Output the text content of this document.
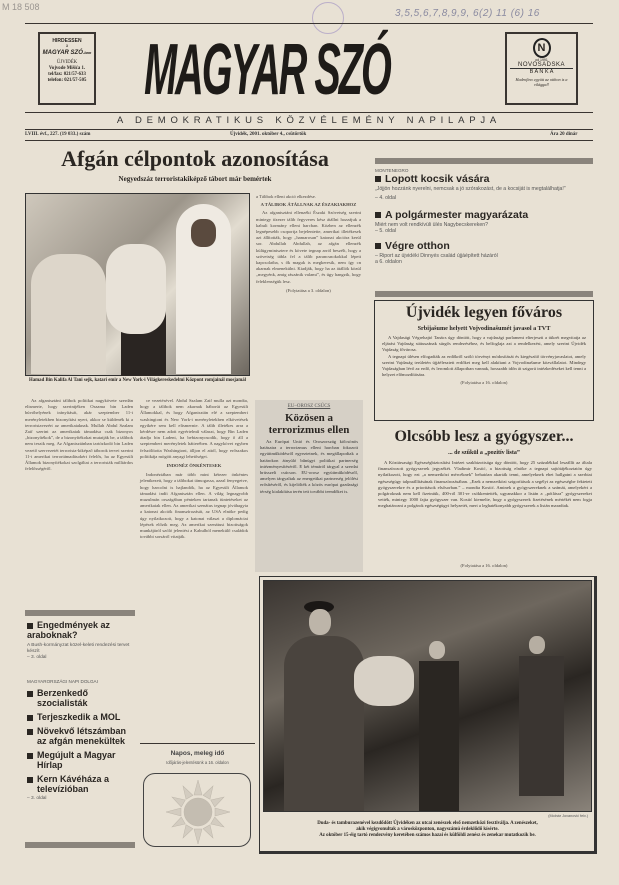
M 18 508
3,5,5,6,7,8,9,9, 6(2) 11 (6) 16
HIRDESSEN
a
MAGYAR SZÓ-ban
ÚJVIDÉK
Vojvode Mišića 1.
tel/fax: 021/57-633
telefon: 021/57-505 MAGYAR SZÓ	N
od 1991
NOVOSADSKA
B A N K A
Hadrofino együtt az otthon is a világgal!
A DEMOKRATIKUS KÖZVÉLEMÉNY NAPILAPJA
LVIII. évf., 227. (19 033.) szám	Újvidék, 2001. október 4., csütörtök	Ára 20 dinár
Afgán célpontok azonosítása
Negyedszáz terroristakiképző tábort már bemértek
Hamad Bin Kalifa Al Tani sejk, katari emir a New York-i Világkereskedelmi Központ romjainál mosjamál
a Tálibok elleni akció elkezdése.
A TÁLIBOK ÁTÁLLNAK AZ ÉSZAKIAKHOZ
Az afganisztáni ellenzéki Északi Szövetség szerint mintegy tízezer tálib fegyveres kész átállni hozzájuk a kabuli kormány elleni harcban. Közben az ellenzék legnépesebb csoportja bejelentette, amerikai illetékesek azt állították, hogy „hamarosan” katonai akcióra kerül sor. Abdullah Abdullah, az afgán ellenzék külügyminisztere és követe tegnap arról beszélt, hogy a szövetség tábla fel a tálib parancsnokokkal lépett kapcsolatba, s ők maguk is megkeresik, nem így cn akarnak elmenekülni. Kiadják, hogy ha az átállók közül „megyénk, amig rászánik valami”, és úgy hangzik, hogy feleklenségük lesz.
(Folytatása a 3. oldalon)
Az afganisztáni tálibok politikai nagykövete szerdán elismerte, hogy szerintjéken Oszama bin Laden búvóhelyének irányítását, akár szeptember 11-i merényletekben bizonyítást nyert, akkor se küldenék ki a terroristavezért az amerikaiaknak. Mullah Abdul Szalam Zaif szerint az amerikaiak támadása csak bizonyos „bizonyítékok”, de a bizonyítékokat mutatják be, a tálibok nem teszik meg. Az Afganisztánban tartózkodó bin Laden vezető szervezetét terrorista-kiképző táborok tervei szerint 11-i amerikai terrortámadásokért felelős, ha az Egyesült Államok bizonyítékokat szolgáltat a terroristák milliárdos felelősségéről.
ce vezetésével. Abdul Szalam Zaif mulla azt mondta, hogy a tálibok nem akarnak háborút az Egyesült Államokkal, és hogy Afganisztán elé a szeptemberi washingtoni és New York-i merényletekben elkövetések egyikére sem kell elismernie. A tálib illetékes arra a kérdésre nem adott egyértelmű választ, hogy Bin Laden átadja bin Ladent, ha bebizonyosodik, hogy ő áll a szeptemberi merényletek hátterében. A nagykövet egyben felszólította Washingtont, álljon el attól, hogy erőszakos politikája mögött anyagi lehetőséget.
INDONÉZ ÖNKÉNTESEK
Indonéziában már több mint kétezer önkéntes jelentkezett, hogy a tálibokat támogassa, azzal fenyegetve, hogy harcolni is hajlandók, ha az Egyesült Államok támadást indít Afganisztán ellen. A világ legnagyobb muzulmán országában pénteken tartanak tüntetéseket az amerikaiak ellen. Az amerikai szenátus tegnap jóváhagyta a katonai akciók finanszírozását, az USA elnöke pedig úgy nyilatkozott, hogy a katonai választ a diplomáciai lépések előzik meg. Az amerikai szenátusi bizottságok munkájáról szóló jelentést a Kabulból menekülő családok további sorsáról vitatják.
EU–OROSZ CSÚCS
Közösen a terrorizmus ellen
Az Európai Unió és Oroszország kölcsönös hatásaira a terrorizmus elleni harcban fokozott együttműködésről egyeztetnek, és megállapodtak a határokon átnyúló bűnügyi politikai partnerség intézményesítéséről. E két témáról tárgyal a szerdai brüsszeli csúcson. EU-orosz együttműködésről, amelyen tárgyaltak az energetikai partnerség jelölési erősítéséről, és kijelölték a közös európai gazdasági térség kialakítása terén tett további teendőket is.
Engedmények az araboknak?
A Bush-kormányzat közel-keleti rendezési tervet készít
– 3. oldal
MAGYARORSZÁGI NAPI DOLGAI
Berzenkedő szocialisták
Terjeszkedik a MOL
Növekvő létszámban az afgán menekültek
Megújult a Magyar Hírlap
Kern Kávéháza a televízióban
– 3. oldal
Napos, meleg idő
Időjárás-jelentésünk a 16. oldalon
MONTENEGRO
Lopott kocsik vására
„Jöjjön hozzánk nyerelni, nemcsak a jó szórakozást, de a kocsiját is megtalálhatja!”
– 4. oldal
A polgármester magyarázata
Miért nem volt rendkívüli ülés Nagybecskereken?
– 5. oldal
Végre otthon
– Riport az újvidéki Dinnyés család újjáépített házáról
a 6. oldalon
Újvidék legyen főváros
Srbijašume helyett Vojvodinašumét javasol a TVT
A Vajdasági Végrehajtó Tanács úgy döntött, hogy a vajdasági parlament elterjeszti a tükrét megvitatja az eljárást Vajdaság státuszának sürgős rendezéséhez, és belfoglaja azt a rendelkezést, amely szerint Újvidék Vajdaság fővárosa.
A tegnapi ülésen elfogadták az erdőkről szóló törvényt módosítását és kiegészítő törvényjavaslatot, amely szerint Vajdaság területén újjáélesztett erdőket meg kell alakítani a Vojvodinašume közvállalatot. Mindegy Vajdaságban lévő az erdő, és leromlott állapotban vannak, hosszabb időn át szigorú intézkedéseket kell tenni a helyzet előmozdítására.
(Folytatása a 16. oldalon)
Olcsóbb lesz a gyógyszer...
... de szűkül a „pozitív lista”
A Köztársasági Egészségbiztosítási Intézet szakbizottsága úgy döntött, hogy 25 százalékkal leszállít az általa finanszírozott gyógyszerek jegyzékét. Vladimir Kostić, a bizottság elnöke a tegnapi sajtótájékoztatón úgy nyilatkozott, hogy ezt „a nemzetközi mércéknek” behatóan akarták tenni, amelyeknek ebet hallgatni a szerbiai egészségügy talpraállításának finanszírozásában. „Ezek a nemzetközi szigorítások a segélyt az egészségbe fektetett gyógyszerekre és a prioritások elsősorban.” – mondta Kostić. Aminek a gyógyszereknek a számát, amelyekért a polgároknak nem kell fizetniük, 400-ról 301-re csökkentették, ugyanakkor a listán a „pótlásra” gyógyszereket vették, mintegy 1000 fajta gyógyszer van. Kostić kiemelte, hogy a gyógyszerek fizetésének mértékét nem fogja meghatározni a polgárok egészségügyi helyzetét, mert a leghatékonyabb gyógyszerek a listán maradtak.
(Folytatása a 16. oldalon)
(Molnár Jovanović felv.)
Duda- és tamburazenével kezdődött Újvidéken az utcai zenészek első nemzetközi fesztiválja. A zenészeket,
akik végigvonultak a városközponton, nagyszámú érdeklődő kísérte.
Az október 15-éig tartó rendezvény keretében számos hazai és külföldi zenész és zenekar mutatkozik be.
